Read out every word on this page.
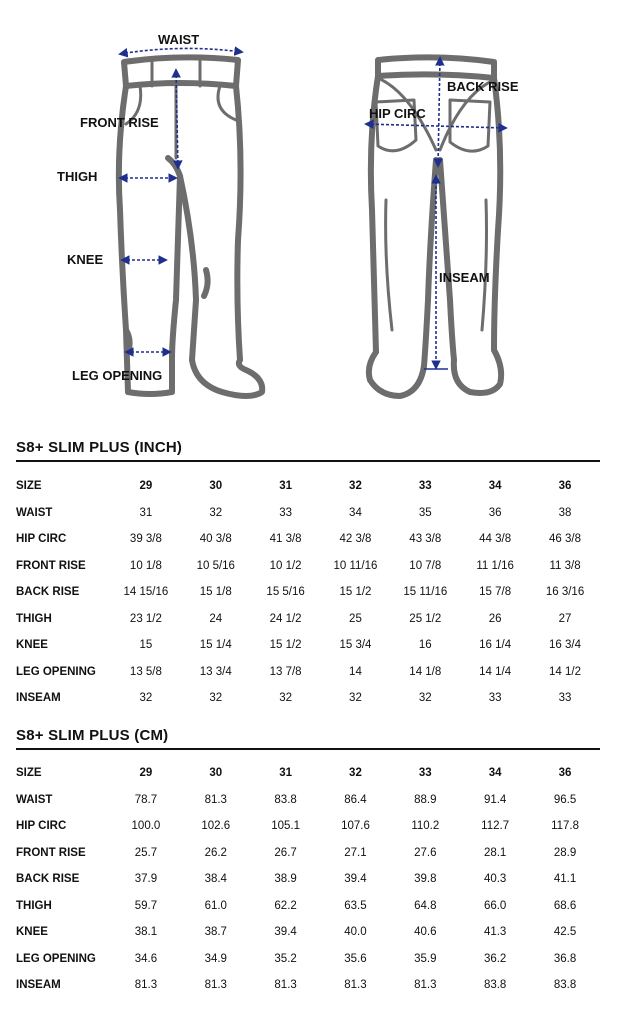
WAIST
FRONT RISE
THIGH
KNEE
LEG OPENING
BACK RISE
HIP CIRC
INSEAM
S8+ SLIM PLUS (INCH)
SIZE	29	30	31	32	33	34	36
WAIST	31	32	33	34	35	36	38
HIP CIRC	39 3/8	40 3/8	41 3/8	42 3/8	43 3/8	44 3/8	46 3/8
FRONT RISE	10 1/8	10 5/16	10 1/2	10 11/16	10 7/8	11 1/16	11 3/8
BACK RISE	14 15/16	15 1/8	15 5/16	15 1/2	15 11/16	15 7/8	16 3/16
THIGH	23 1/2	24	24 1/2	25	25 1/2	26	27
KNEE	15	15 1/4	15 1/2	15 3/4	16	16 1/4	16 3/4
LEG OPENING	13 5/8	13 3/4	13 7/8	14	14 1/8	14 1/4	14 1/2
INSEAM	32	32	32	32	32	33	33
S8+ SLIM PLUS (CM)
SIZE	29	30	31	32	33	34	36
WAIST	78.7	81.3	83.8	86.4	88.9	91.4	96.5
HIP CIRC	100.0	102.6	105.1	107.6	110.2	112.7	117.8
FRONT RISE	25.7	26.2	26.7	27.1	27.6	28.1	28.9
BACK RISE	37.9	38.4	38.9	39.4	39.8	40.3	41.1
THIGH	59.7	61.0	62.2	63.5	64.8	66.0	68.6
KNEE	38.1	38.7	39.4	40.0	40.6	41.3	42.5
LEG OPENING	34.6	34.9	35.2	35.6	35.9	36.2	36.8
INSEAM	81.3	81.3	81.3	81.3	81.3	83.8	83.8
